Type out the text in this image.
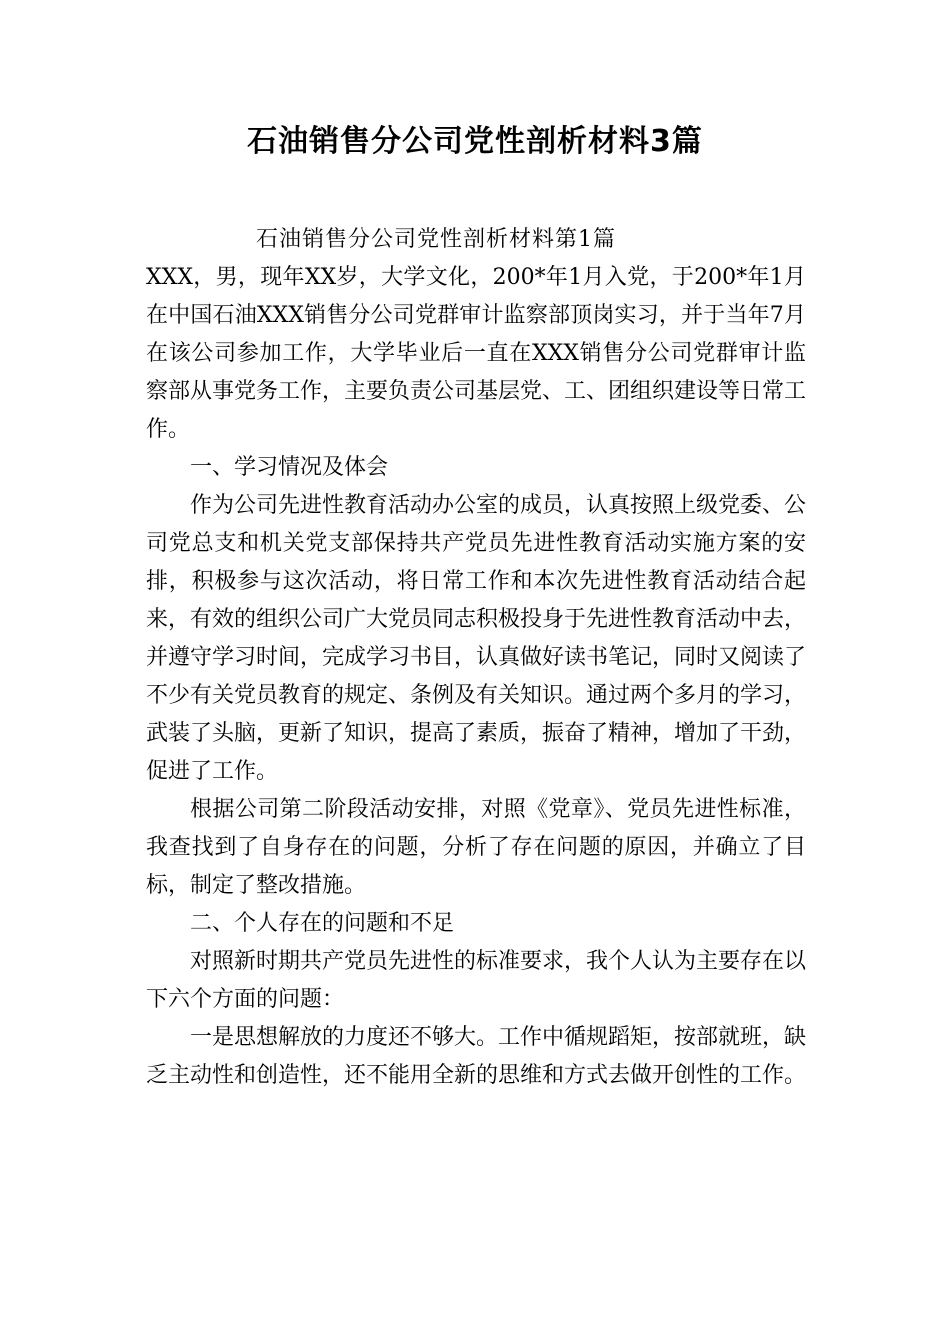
石油销售分公司党性剖析材料3篇

石油销售分公司党性剖析材料第1篇

XXX，男，现年XX岁，大学文化，200*年1月入党，于200*年1月在中国石油XXX销售分公司党群审计监察部顶岗实习，并于当年7月在该公司参加工作，大学毕业后一直在XXX销售分公司党群审计监察部从事党务工作，主要负责公司基层党、工、团组织建设等日常工作。

一、学习情况及体会

作为公司先进性教育活动办公室的成员，认真按照上级党委、公司党总支和机关党支部保持共产党员先进性教育活动实施方案的安排，积极参与这次活动，将日常工作和本次先进性教育活动结合起来，有效的组织公司广大党员同志积极投身于先进性教育活动中去，并遵守学习时间，完成学习书目，认真做好读书笔记，同时又阅读了不少有关党员教育的规定、条例及有关知识。通过两个多月的学习，武装了头脑，更新了知识，提高了素质，振奋了精神，增加了干劲，促进了工作。

根据公司第二阶段活动安排，对照《党章》、党员先进性标准，我查找到了自身存在的问题，分析了存在问题的原因，并确立了目标，制定了整改措施。

二、个人存在的问题和不足

对照新时期共产党员先进性的标准要求，我个人认为主要存在以下六个方面的问题：

一是思想解放的力度还不够大。工作中循规蹈矩，按部就班，缺乏主动性和创造性，还不能用全新的思维和方式去做开创性的工作。
